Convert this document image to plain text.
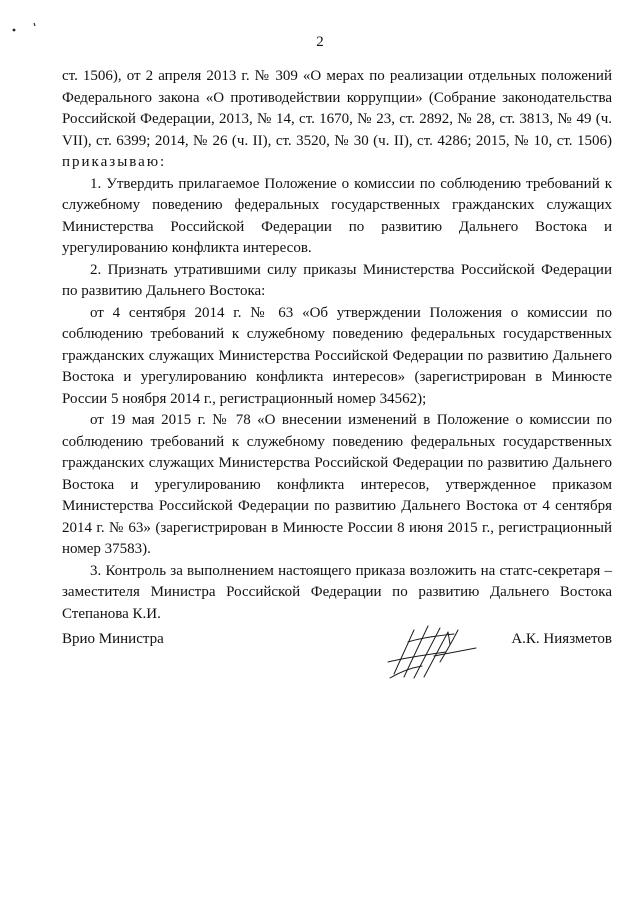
2

ст. 1506), от 2 апреля 2013 г. № 309 «О мерах по реализации отдельных положений Федерального закона «О противодействии коррупции» (Собрание законодательства Российской Федерации, 2013, № 14, ст. 1670, № 23, ст. 2892, № 28, ст. 3813, № 49 (ч. VII), ст. 6399; 2014, № 26 (ч. II), ст. 3520, № 30 (ч. II), ст. 4286; 2015, № 10, ст. 1506) приказываю:

1. Утвердить прилагаемое Положение о комиссии по соблюдению требований к служебному поведению федеральных государственных гражданских служащих Министерства Российской Федерации по развитию Дальнего Востока и урегулированию конфликта интересов.

2. Признать утратившими силу приказы Министерства Российской Федерации по развитию Дальнего Востока:

от 4 сентября 2014 г. № 63 «Об утверждении Положения о комиссии по соблюдению требований к служебному поведению федеральных государственных гражданских служащих Министерства Российской Федерации по развитию Дальнего Востока и урегулированию конфликта интересов» (зарегистрирован в Минюсте России 5 ноября 2014 г., регистрационный номер 34562);

от 19 мая 2015 г. № 78 «О внесении изменений в Положение о комиссии по соблюдению требований к служебному поведению федеральных государственных гражданских служащих Министерства Российской Федерации по развитию Дальнего Востока и урегулированию конфликта интересов, утвержденное приказом Министерства Российской Федерации по развитию Дальнего Востока от 4 сентября 2014 г. № 63» (зарегистрирован в Минюсте России 8 июня 2015 г., регистрационный номер 37583).

3. Контроль за выполнением настоящего приказа возложить на статс-секретаря – заместителя Министра Российской Федерации по развитию Дальнего Востока Степанова К.И.

Врио Министра	А.К. Ниязметов
